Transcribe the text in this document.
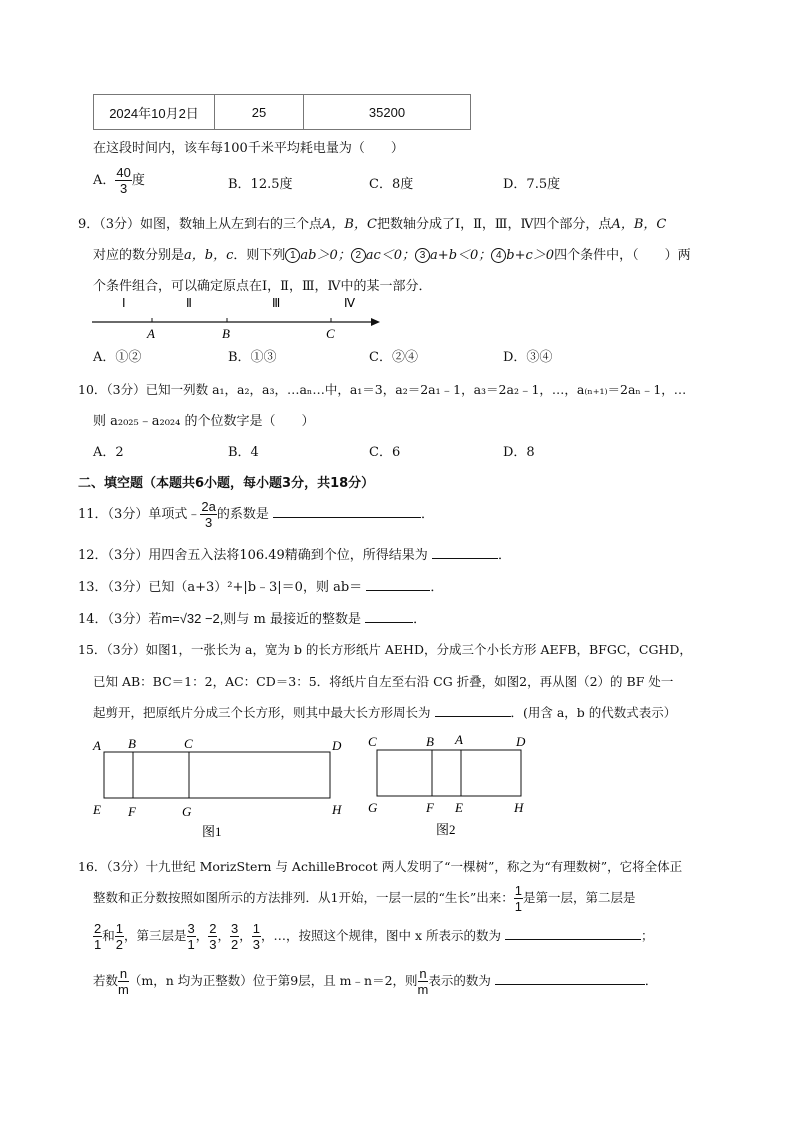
2024年10月2日	25	35200
在这段时间内，该车每100千米平均耗电量为（　　）
A． $\frac{40}{3}$ 度	B．12.5度	C．8度	D．7.5度
9．（3分）如图，数轴上从左到右的三个点A，B，C把数轴分成了Ⅰ，Ⅱ，Ⅲ，Ⅳ四个部分，点A，B，C
对应的数分别是a，b，c．则下列 1 ab＞0； 2 ac＜0； 3 a+b＜0； 4 b+c＞0四个条件中，（　　）两
个条件组合，可以确定原点在Ⅰ，Ⅱ，Ⅲ，Ⅳ中的某一部分．
Ⅰ	Ⅱ	Ⅲ	Ⅳ
A	B	C
A．①②	B．①③	C．②④	D．③④
10．（3分）已知一列数 a₁，a₂，a₃，…aₙ…中，a₁＝3，a₂＝2a₁﹣1，a₃＝2a₂﹣1，…，a₍ₙ₊₁₎＝2aₙ﹣1，…
则 a₂₀₂₅﹣a₂₀₂₄ 的个位数字是（　　）
A．2	B．4	C．6	D．8
二、填空题（本题共6小题，每小题3分，共18分）
11．（3分）单项式﹣ $\frac{2a}{3}$ 的系数是	．
12．（3分）用四舍五入法将106.49精确到个位，所得结果为	．
13．（3分）已知（a+3）²+|b﹣3|＝0，则 ab＝	．
14．（3分）若m=√32 −2,则与 m 最接近的整数是	．
15．（3分）如图1，一张长为 a，宽为 b 的长方形纸片 AEHD，分成三个小长方形 AEFB，BFGC，CGHD，
已知 AB：BC＝1：2，AC：CD＝3：5．将纸片自左至右沿 CG 折叠，如图2，再从图（2）的 BF 处一
起剪开，把原纸片分成三个长方形，则其中最大长方形周长为	．(用含 a，b 的代数式表示）
A B	C	D
E F	G	H
图1
C	B A	D
G	F E	H
图2
16．（3分）十九世纪 MorizStern 与 AchilleBrocot 两人发明了“一棵树”，称之为“有理数树”，它将全体正
整数和正分数按照如图所示的方法排列．从1开始，一层一层的“生长”出来： $\frac{1}{1}$ 是第一层，第二层是
$\frac{2}{1}$ 和 $\frac{1}{2}$ ，第三层是 $\frac{3}{1}$ ， $\frac{2}{3}$ ， $\frac{3}{2}$ ， $\frac{1}{3}$ ，…，按照这个规律，图中 x 所表示的数为	；
若数 $\frac{n}{m} (m$，n 均为正整数）位于第9层，且 m﹣n＝2，则 $\frac{n}{m}$ 表示的数为	．
